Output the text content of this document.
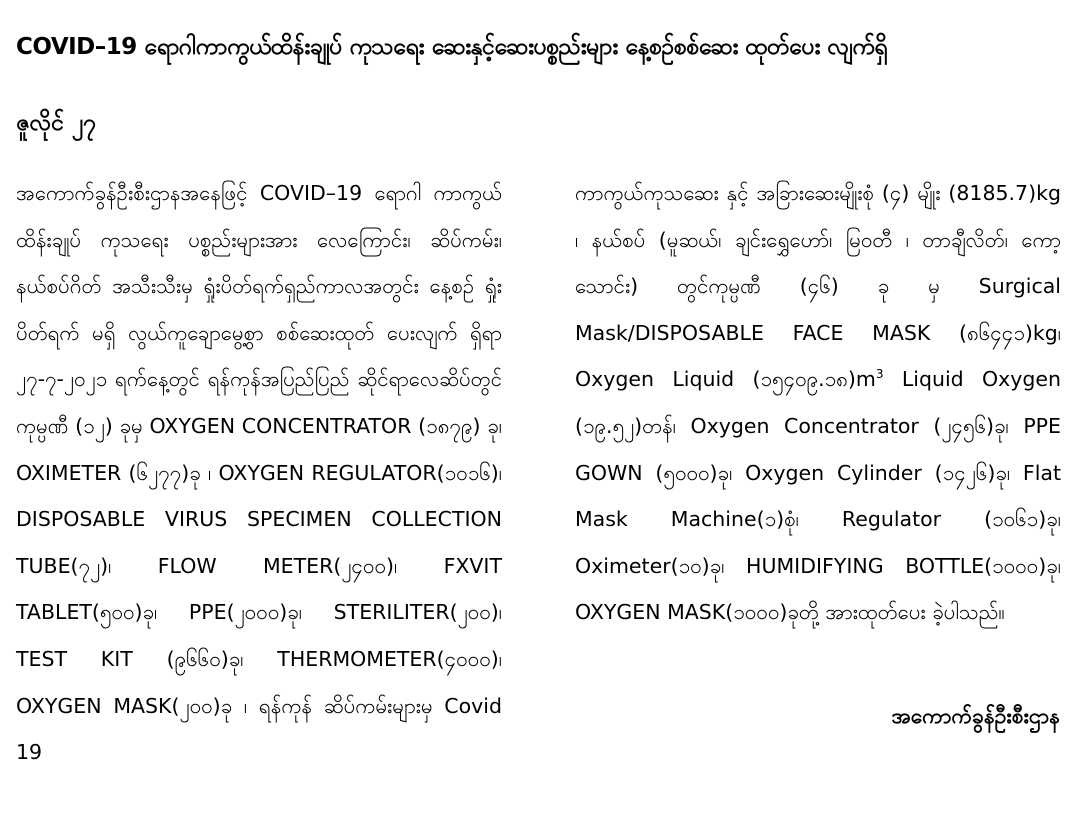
COVID–19 ရောဂါကာကွယ်ထိန်းချုပ် ကုသရေး ဆေးနှင့်ဆေးပစ္စည်းများ နေ့စဉ်စစ်ဆေး ထုတ်ပေး လျက်ရှိ
ဇူလိုင် ၂၇
အကောက်ခွန်ဦးစီးဌာနအနေဖြင့် COVID–19 ရောဂါ ကာကွယ်ထိန်းချုပ် ကုသရေး ပစ္စည်းများအား လေကြောင်း၊ ဆိပ်ကမ်း၊ နယ်စပ်ဂိတ် အသီးသီးမှ ရှုံးပိတ်ရက်ရှည်ကာလအတွင်း နေ့စဉ် ရှုံးပိတ်ရက် မရှိ လွယ်ကူချောမွေ့စွာ စစ်ဆေးထုတ် ပေးလျက် ရှိရာ ၂၇-၇-၂၀၂၁ ရက်နေ့တွင် ရန်ကုန်အပြည်ပြည် ဆိုင်ရာလေဆိပ်တွင် ကုမ္ပဏီ (၁၂) ခုမှ OXYGEN CONCENTRATOR (၁၈၇၉) ခု၊ OXIMETER (၆၂၇၇)ခု ၊ OXYGEN REGULATOR(၁၀၁၆)၊ DISPOSABLE VIRUS SPECIMEN COLLECTION TUBE(၇၂)၊ FLOW METER(၂၄၀၀)၊ FXVIT TABLET(၅၀၀)ခု၊ PPE(၂၀၀၀)ခု၊ STERILITER(၂၀၀)၊ TEST KIT (၉၆၆၀)ခု၊ THERMOMETER(၄၀၀၀)၊ OXYGEN MASK(၂၀၀)ခု ၊ ရန်ကုန် ဆိပ်ကမ်းများမှ Covid 19
ကာကွယ်ကုသဆေး နှင့် အခြားဆေးမျိုးစုံ (၄) မျိုး (8185.7)kg ၊ နယ်စပ် (မူဆယ်၊ ချင်းရွှေဟော်၊ မြဝတီ ၊ တာချီလိတ်၊ ကော့သောင်း) တွင်ကုမ္ပဏီ (၄၆) ခု မှ Surgical Mask/DISPOSABLE FACE MASK (၈၆၄၄၁)kg၊ Oxygen Liquid (၁၅၄၀၉.၁၈)$m^3$ Liquid Oxygen (၁၉.၅၂)တန်၊ Oxygen Concentrator (၂၄၅၆)ခု၊ PPE GOWN (၅၀၀၀)ခု၊ Oxygen Cylinder (၁၄၂၆)ခု၊ Flat Mask Machine(၁)စုံ၊ Regulator (၁၀၆၁)ခု၊ Oximeter(၁၀)ခု၊ HUMIDIFYING BOTTLE(၁၀၀၀)ခု၊ OXYGEN MASK(၁၀၀၀)ခုတို့ အားထုတ်ပေး ခဲ့ပါသည်။
အကောက်ခွန်ဦးစီးဌာန
